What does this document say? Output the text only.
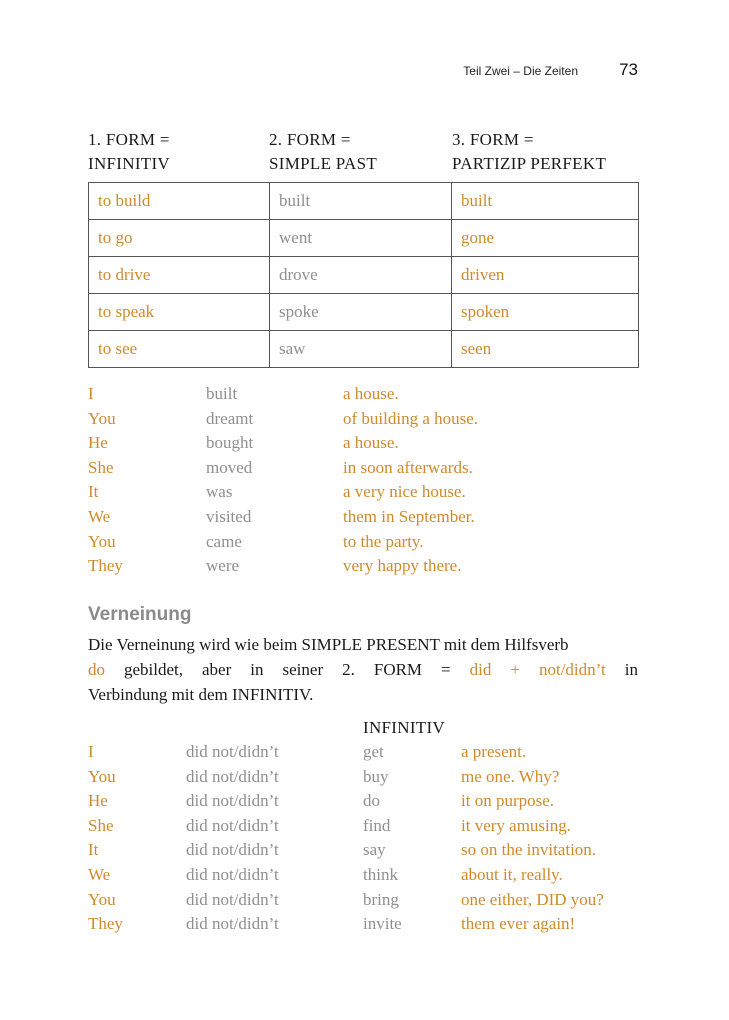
Teil Zwei – Die Zeiten 73
1. FORM =
INFINITIV
2. FORM =
SIMPLE PAST
3. FORM =
PARTIZIP PERFEKT
to build	built	built
to go	went	gone
to drive	drove	driven
to speak	spoke	spoken
to see	saw	seen
I	built	a house.
You	dreamt	of building a house.
He	bought	a house.
She	moved	in soon afterwards.
It	was	a very nice house.
We	visited	them in September.
You	came	to the party.
They	were	very happy there.
Verneinung
Die Verneinung wird wie beim SIMPLE PRESENT mit dem Hilfsverb
do gebildet, aber in seiner 2. FORM = did + not/didn’t in
Verbindung mit dem INFINITIV.
INFINITIV
I	did not/didn’t	get	a present.
You	did not/didn’t	buy	me one. Why?
He	did not/didn’t	do	it on purpose.
She	did not/didn’t	find	it very amusing.
It	did not/didn’t	say	so on the invitation.
We	did not/didn’t	think	about it, really.
You	did not/didn’t	bring	one either, DID you?
They	did not/didn’t	invite	them ever again!
